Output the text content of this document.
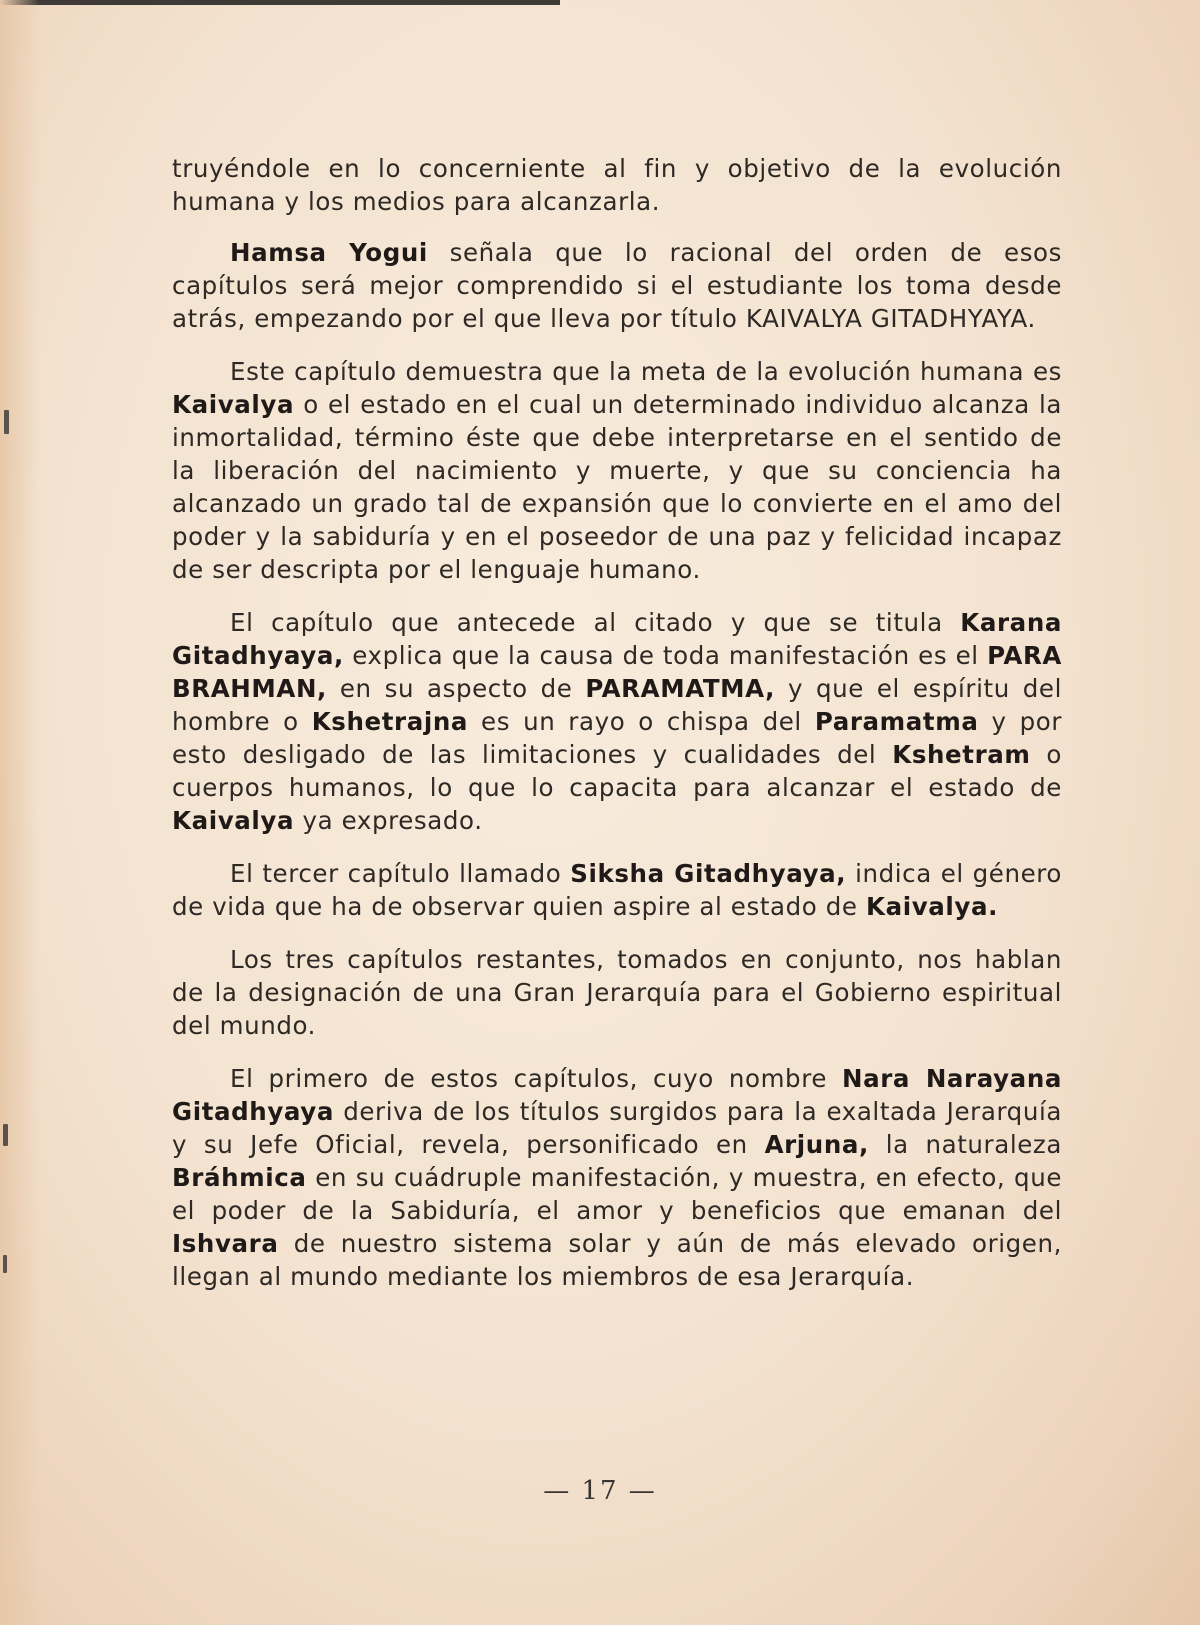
truyéndole en lo concerniente al fin y objetivo de la evolución humana y los medios para alcanzarla.

Hamsa Yogui señala que lo racional del orden de esos capítulos será mejor comprendido si el estudiante los toma desde atrás, empezando por el que lleva por título KAIVALYA GITADHYAYA.

Este capítulo demuestra que la meta de la evolución humana es Kaivalya o el estado en el cual un determinado individuo alcanza la inmortalidad, término éste que debe interpretarse en el sentido de la liberación del nacimiento y muerte, y que su conciencia ha alcanzado un grado tal de expansión que lo convierte en el amo del poder y la sabiduría y en el poseedor de una paz y felicidad incapaz de ser descripta por el lenguaje humano.

El capítulo que antecede al citado y que se titula Karana Gitadhyaya, explica que la causa de toda manifestación es el PARA BRAHMAN, en su aspecto de PARAMATMA, y que el espíritu del hombre o Kshetrajna es un rayo o chispa del Paramatma y por esto desligado de las limitaciones y cualidades del Kshetram o cuerpos humanos, lo que lo capacita para alcanzar el estado de Kaivalya ya expresado.

El tercer capítulo llamado Siksha Gitadhyaya, indica el género de vida que ha de observar quien aspire al estado de Kaivalya.

Los tres capítulos restantes, tomados en conjunto, nos hablan de la designación de una Gran Jerarquía para el Gobierno espiritual del mundo.

El primero de estos capítulos, cuyo nombre Nara Narayana Gitadhyaya deriva de los títulos surgidos para la exaltada Jerarquía y su Jefe Oficial, revela, personificado en Arjuna, la naturaleza Bráhmica en su cuádruple manifestación, y muestra, en efecto, que el poder de la Sabiduría, el amor y beneficios que emanan del Ishvara de nuestro sistema solar y aún de más elevado origen, llegan al mundo mediante los miembros de esa Jerarquía.

— 17 —
